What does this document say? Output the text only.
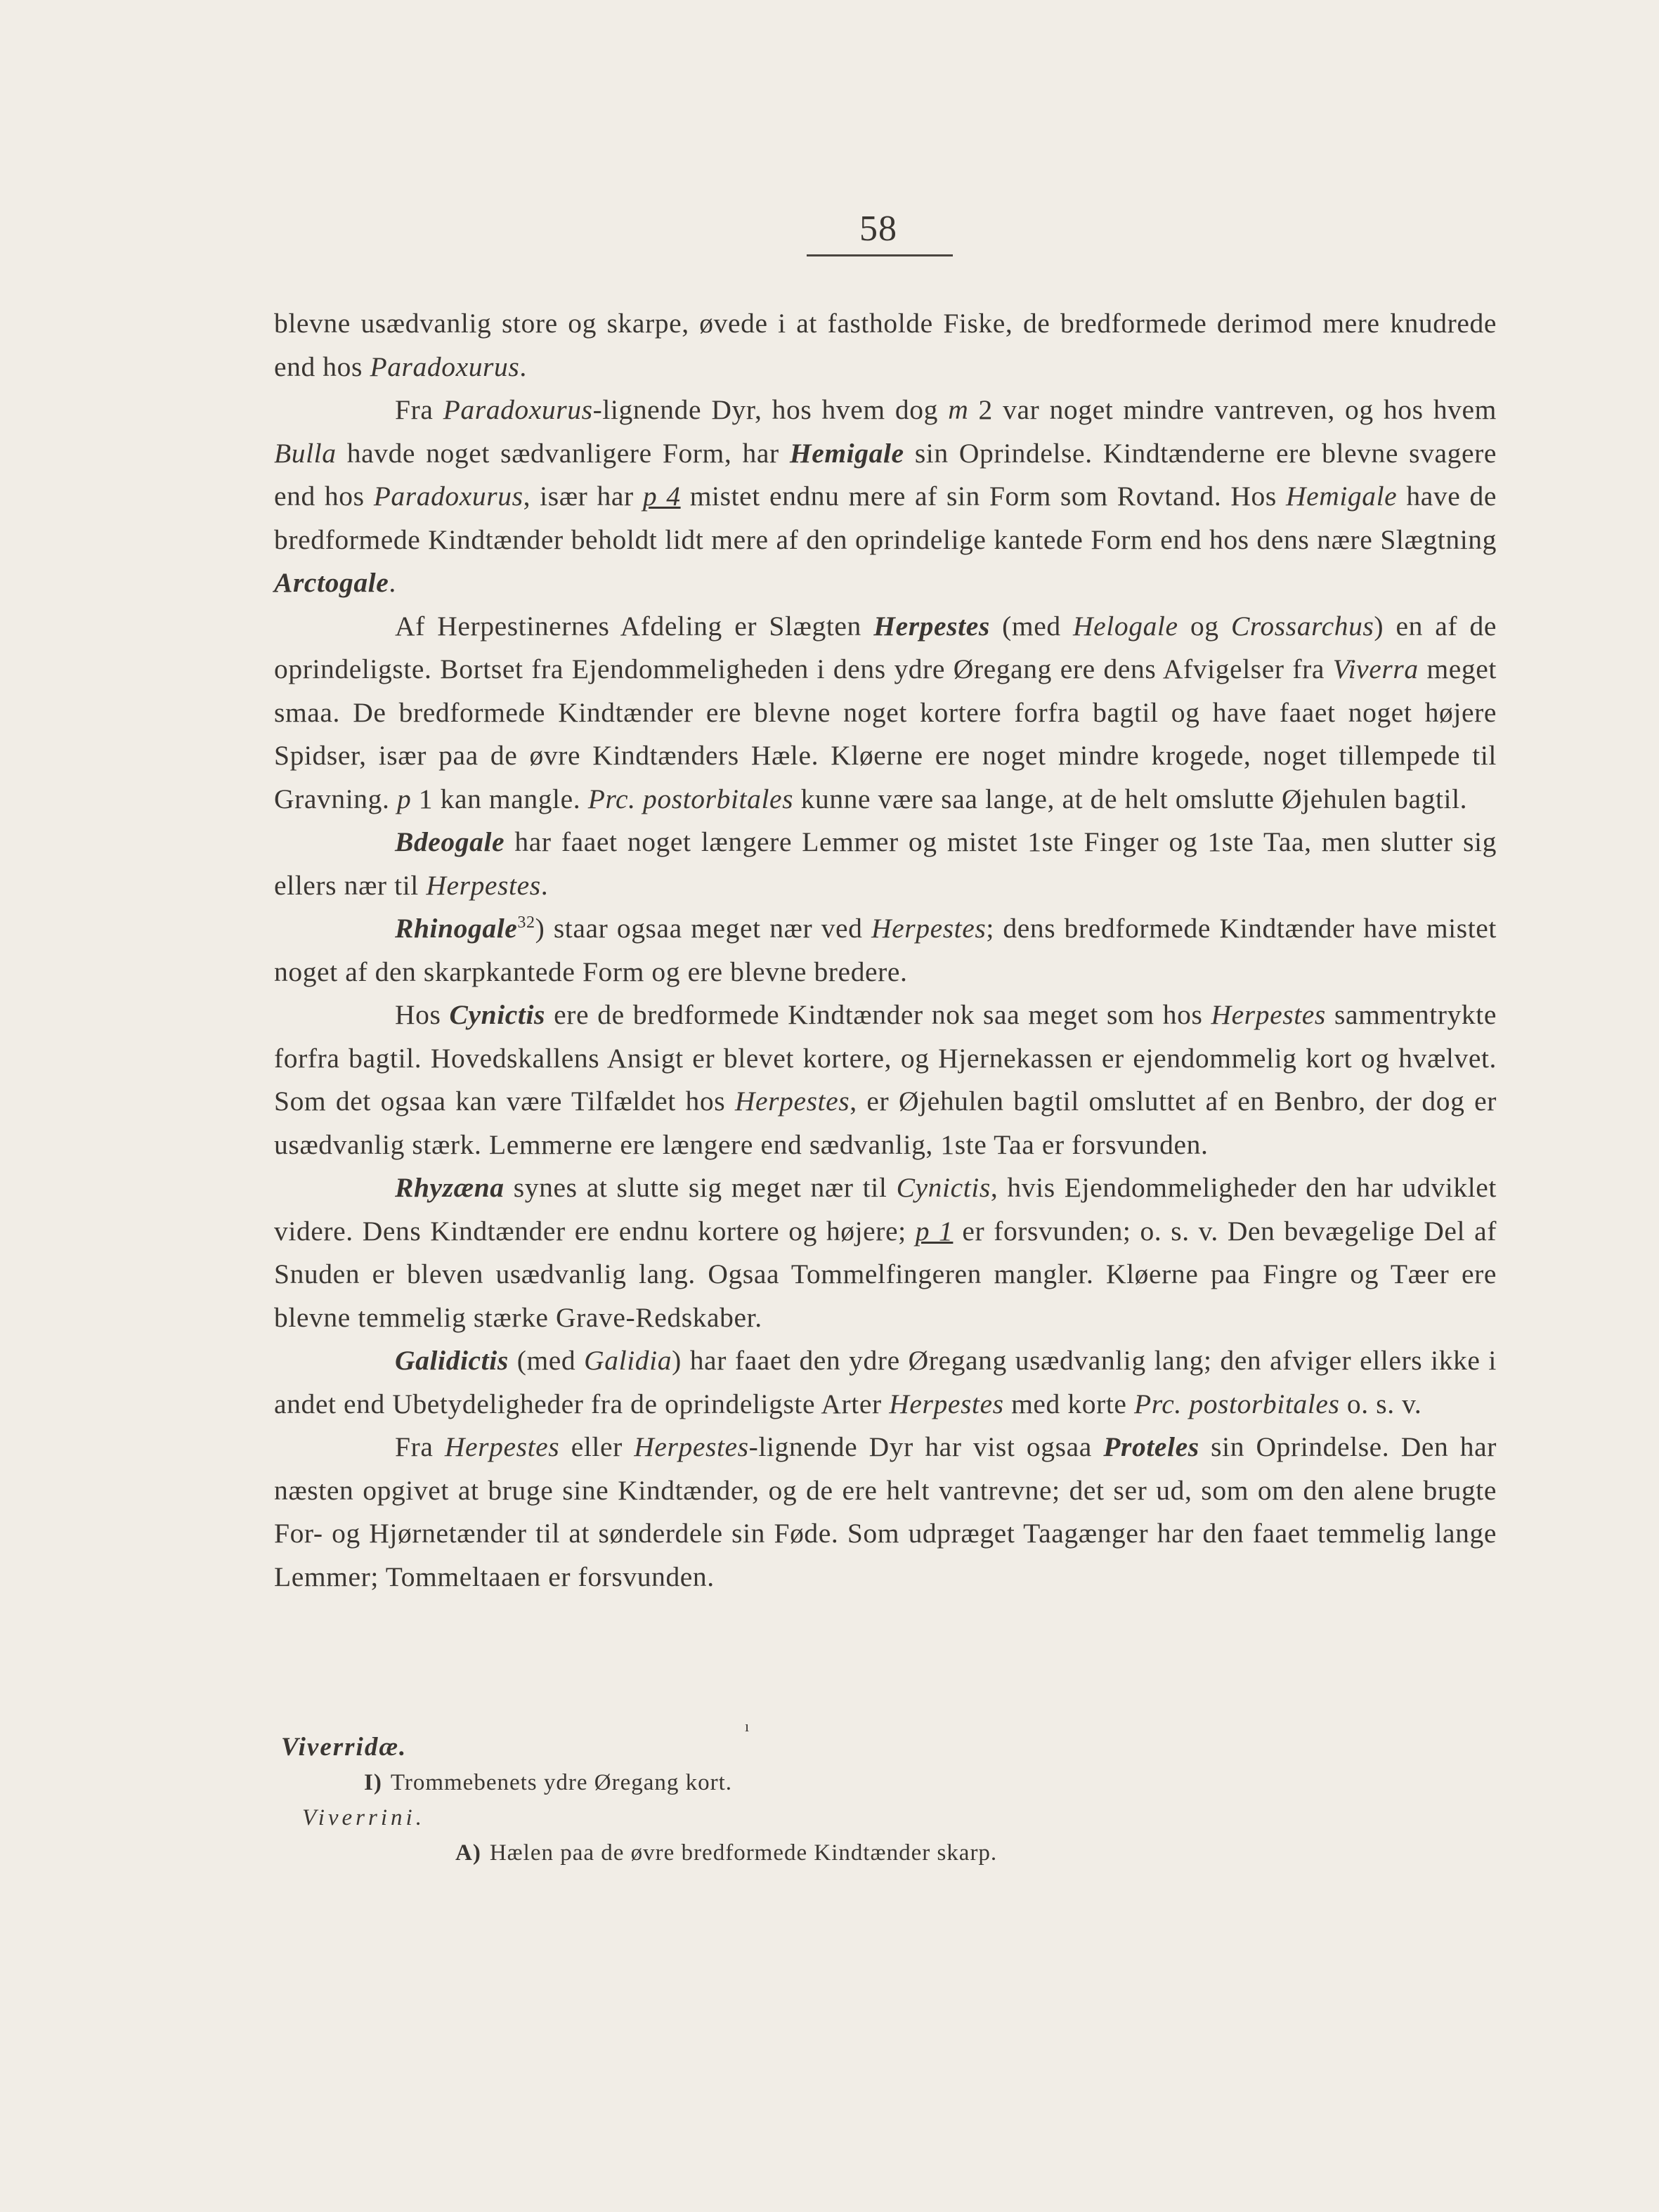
58

blevne usædvanlig store og skarpe, øvede i at fastholde Fiske, de bredformede derimod mere knudrede end hos Paradoxurus.

Fra Paradoxurus-lignende Dyr, hos hvem dog m 2 var noget mindre vantreven, og hos hvem Bulla havde noget sædvanligere Form, har Hemigale sin Oprindelse. Kindtænderne ere blevne svagere end hos Paradoxurus, især har p 4 mistet endnu mere af sin Form som Rovtand. Hos Hemigale have de bredformede Kindtænder beholdt lidt mere af den oprindelige kantede Form end hos dens nære Slægtning Arctogale.

Af Herpestinernes Afdeling er Slægten Herpestes (med Helogale og Crossarchus) en af de oprindeligste. Bortset fra Ejendommeligheden i dens ydre Øregang ere dens Afvigelser fra Viverra meget smaa. De bredformede Kindtænder ere blevne noget kortere forfra bagtil og have faaet noget højere Spidser, især paa de øvre Kindtænders Hæle. Kløerne ere noget mindre krogede, noget tillempede til Gravning. p 1 kan mangle. Prc. postorbitales kunne være saa lange, at de helt omslutte Øjehulen bagtil.

Bdeogale har faaet noget længere Lemmer og mistet 1ste Finger og 1ste Taa, men slutter sig ellers nær til Herpestes.

Rhinogale$^{32}$) staar ogsaa meget nær ved Herpestes; dens bredformede Kindtænder have mistet noget af den skarpkantede Form og ere blevne bredere.

Hos Cynictis ere de bredformede Kindtænder nok saa meget som hos Herpestes sammentrykte forfra bagtil. Hovedskallens Ansigt er blevet kortere, og Hjernekassen er ejendommelig kort og hvælvet. Som det ogsaa kan være Tilfældet hos Herpestes, er Øjehulen bagtil omsluttet af en Benbro, der dog er usædvanlig stærk. Lemmerne ere længere end sædvanlig, 1ste Taa er forsvunden.

Rhyzæna synes at slutte sig meget nær til Cynictis, hvis Ejendommeligheder den har udviklet videre. Dens Kindtænder ere endnu kortere og højere; p 1 er forsvunden; o. s. v. Den bevægelige Del af Snuden er bleven usædvanlig lang. Ogsaa Tommelfingeren mangler. Kløerne paa Fingre og Tæer ere blevne temmelig stærke Grave-Redskaber.

Galidictis (med Galidia) har faaet den ydre Øregang usædvanlig lang; den afviger ellers ikke i andet end Ubetydeligheder fra de oprindeligste Arter Herpestes med korte Prc. postorbitales o. s. v.

Fra Herpestes eller Herpestes-lignende Dyr har vist ogsaa Proteles sin Oprindelse. Den har næsten opgivet at bruge sine Kindtænder, og de ere helt vantrevne; det ser ud, som om den alene brugte For- og Hjørnetænder til at sønderdele sin Føde. Som udpræget Taagænger har den faaet temmelig lange Lemmer; Tommeltaaen er forsvunden.

ı
Viverridæ.
I) Trommebenets ydre Øregang kort.
Viverrini.
A) Hælen paa de øvre bredformede Kindtænder skarp.
